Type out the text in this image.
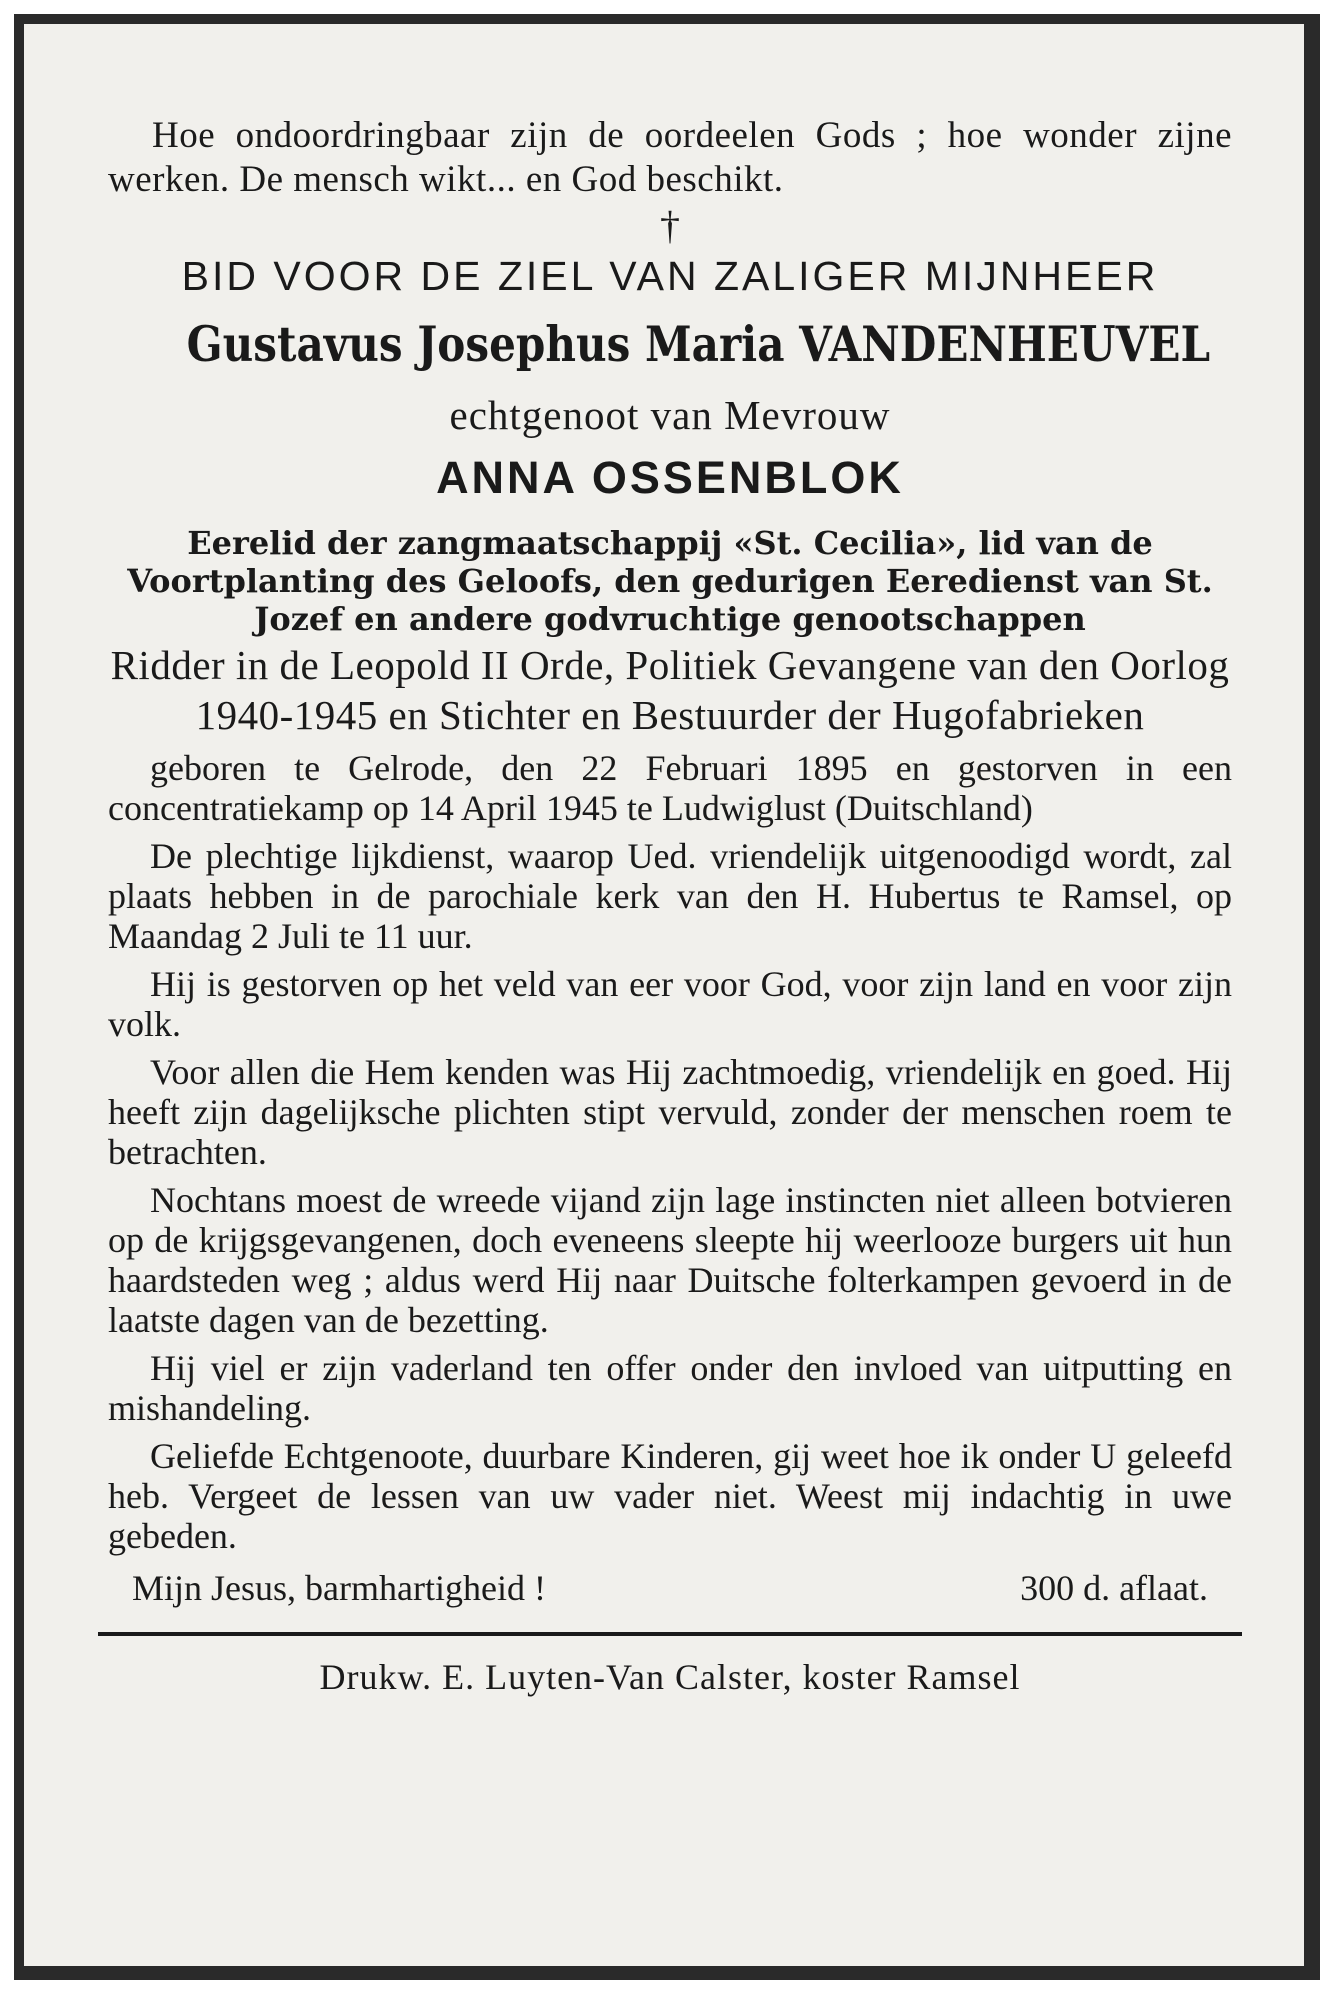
Hoe ondoordringbaar zijn de oordeelen Gods ; hoe wonder zijne werken. De mensch wikt... en God beschikt.
†
BID VOOR DE ZIEL VAN ZALIGER MIJNHEER
Gustavus Josephus Maria VANDENHEUVEL
echtgenoot van Mevrouw
ANNA OSSENBLOK
Eerelid der zangmaatschappij «St. Cecilia», lid van de Voortplanting des Geloofs, den gedurigen Eeredienst van St. Jozef en andere godvruchtige genootschappen
Ridder in de Leopold II Orde, Politiek Gevangene van den Oorlog 1940-1945 en Stichter en Bestuurder der Hugofabrieken
geboren te Gelrode, den 22 Februari 1895 en gestorven in een concentratiekamp op 14 April 1945 te Ludwiglust (Duitschland)
De plechtige lijkdienst, waarop Ued. vriendelijk uitgenoodigd wordt, zal plaats hebben in de parochiale kerk van den H. Hubertus te Ramsel, op Maandag 2 Juli te 11 uur.
Hij is gestorven op het veld van eer voor God, voor zijn land en voor zijn volk.
Voor allen die Hem kenden was Hij zachtmoedig, vriendelijk en goed. Hij heeft zijn dagelijksche plichten stipt vervuld, zonder der menschen roem te betrachten.
Nochtans moest de wreede vijand zijn lage instincten niet alleen botvieren op de krijgsgevangenen, doch eveneens sleepte hij weerlooze burgers uit hun haardsteden weg ; aldus werd Hij naar Duitsche folterkampen gevoerd in de laatste dagen van de bezetting.
Hij viel er zijn vaderland ten offer onder den invloed van uitputting en mishandeling.
Geliefde Echtgenoote, duurbare Kinderen, gij weet hoe ik onder U geleefd heb. Vergeet de lessen van uw vader niet. Weest mij indachtig in uwe gebeden.
Mijn Jesus, barmhartigheid !	300 d. aflaat.
Drukw. E. Luyten-Van Calster, koster Ramsel
